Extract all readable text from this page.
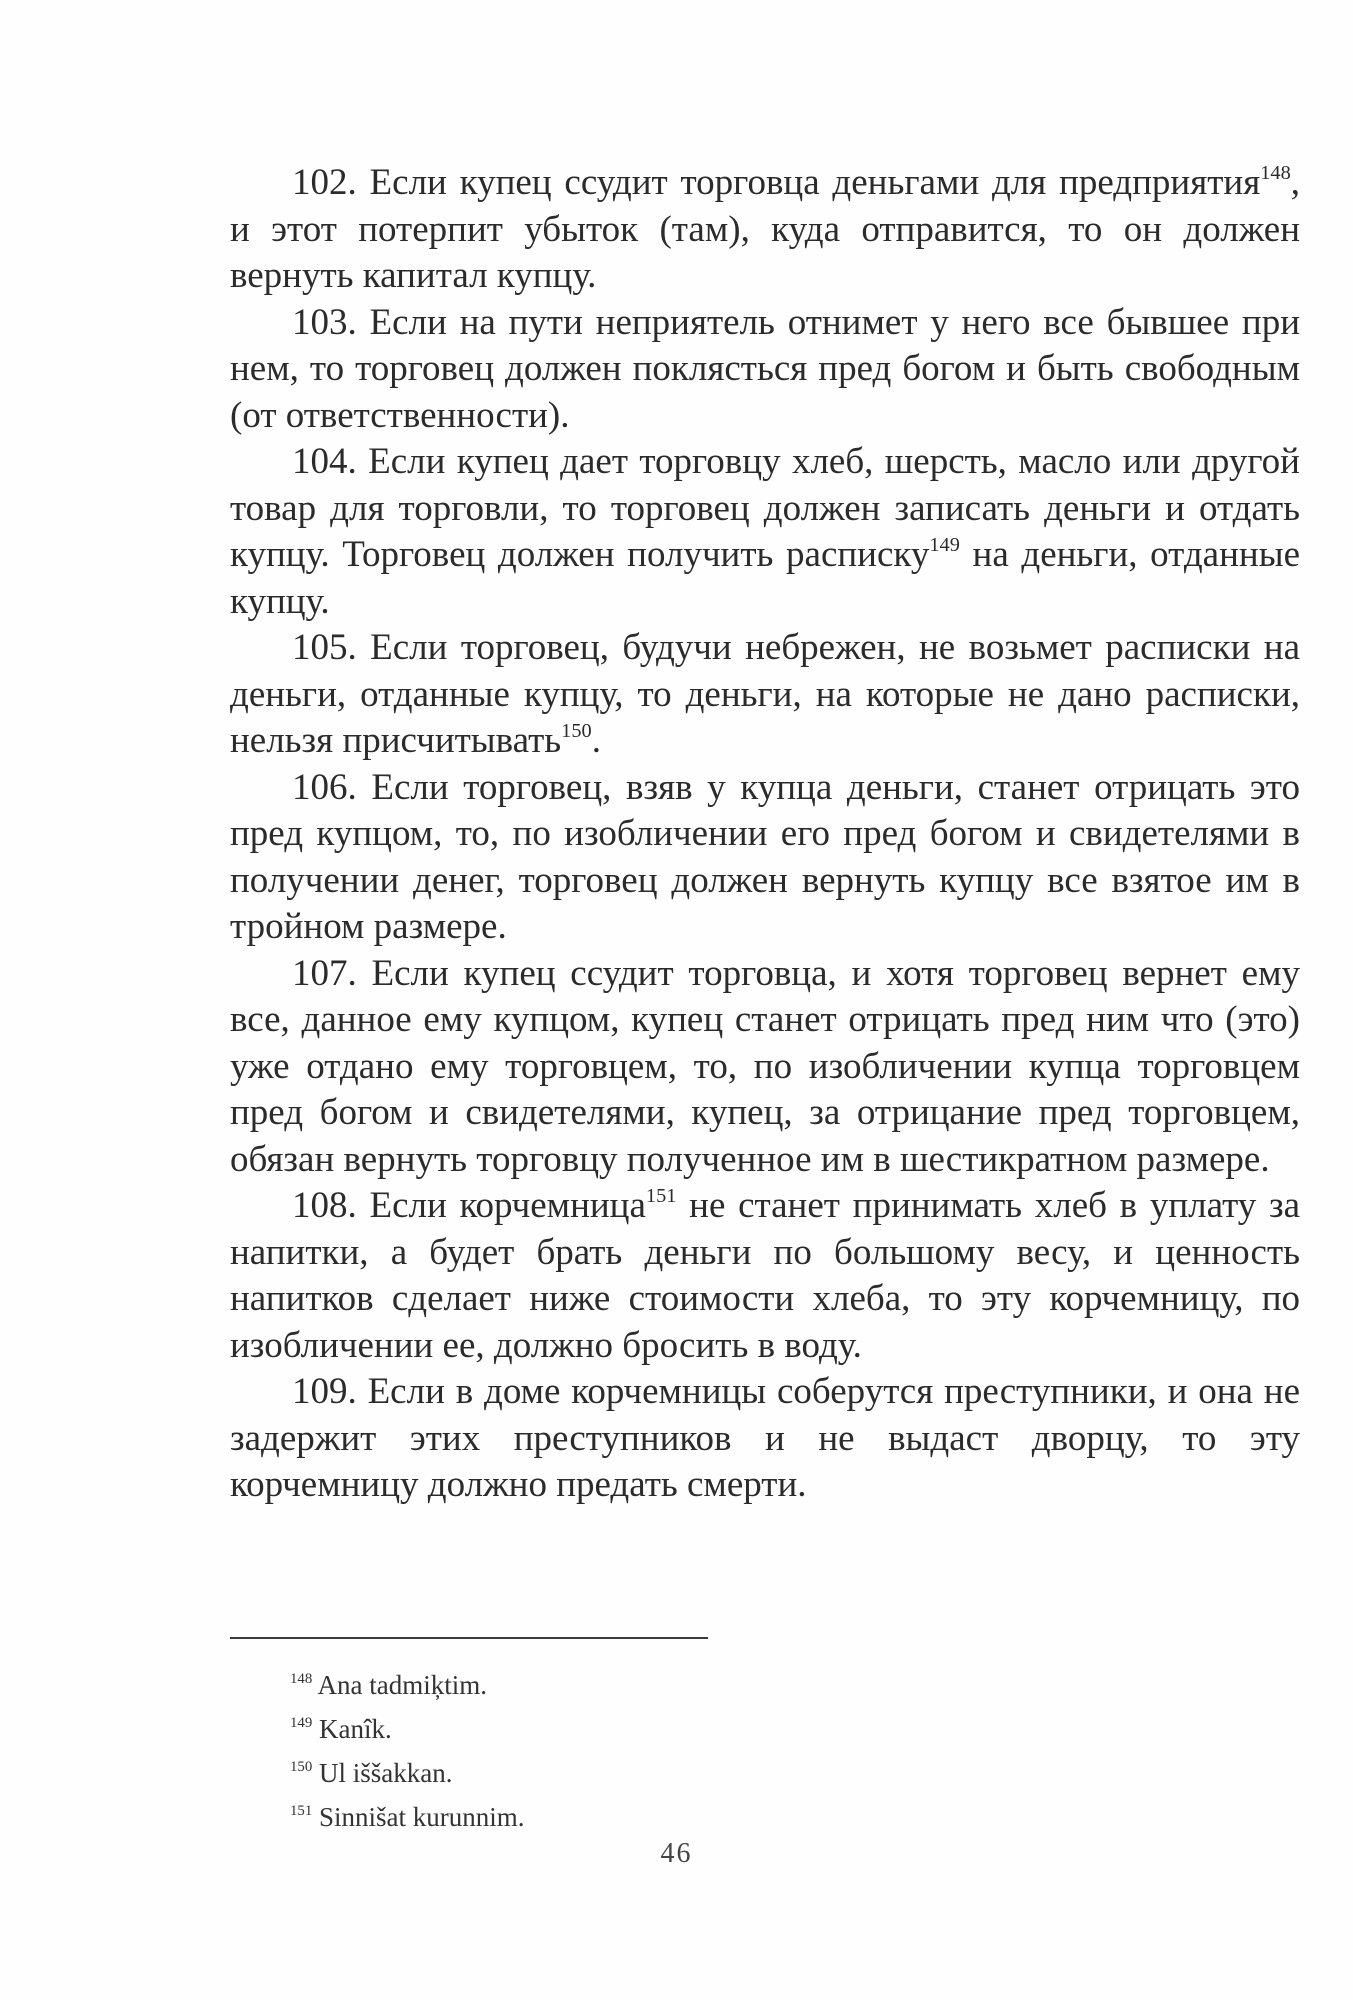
102. Если купец ссудит торговца деньгами для предприятия$^{148}$, и этот потерпит убыток (там), куда отправится, то он должен вернуть капитал купцу.

103. Если на пути неприятель отнимет у него все бывшее при нем, то торговец должен поклясться пред богом и быть свободным (от ответственности).

104. Если купец дает торговцу хлеб, шерсть, масло или другой товар для торговли, то торговец должен записать деньги и отдать купцу. Торговец должен получить расписку$^{149}$ на деньги, отданные купцу.

105. Если торговец, будучи небрежен, не возьмет расписки на деньги, отданные купцу, то деньги, на которые не дано расписки, нельзя присчитывать$^{150}$.

106. Если торговец, взяв у купца деньги, станет отрицать это пред купцом, то, по изобличении его пред богом и свидетелями в получении денег, торговец должен вернуть купцу все взятое им в тройном размере.

107. Если купец ссудит торговца, и хотя торговец вернет ему все, данное ему купцом, купец станет отрицать пред ним что (это) уже отдано ему торговцем, то, по изобличении купца торговцем пред богом и свидетелями, купец, за отрицание пред торговцем, обязан вернуть торговцу полученное им в шестикратном размере.

108. Если корчемница$^{151}$ не станет принимать хлеб в уплату за напитки, а будет брать деньги по большому весу, и ценность напитков сделает ниже стоимости хлеба, то эту корчемницу, по изобличении ее, должно бросить в воду.

109. Если в доме корчемницы соберутся преступники, и она не задержит этих преступников и не выдаст дворцу, то эту корчемницу должно предать смерти.

$^{148}$ Ana tadmiķtim.

$^{149}$ Kanîk.

$^{150}$ Ul iššakkan.

$^{151}$ Sinnišat kurunnim.

46
